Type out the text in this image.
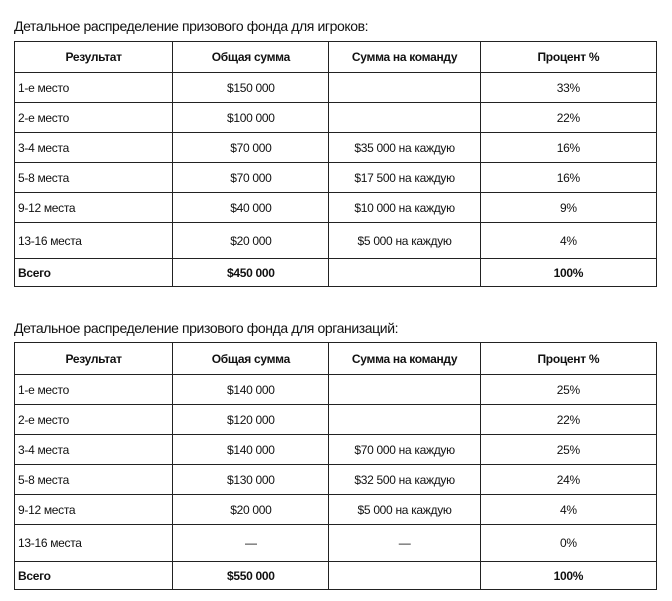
Детальное распределение призового фонда для игроков:
Результат	Общая сумма	Сумма на команду	Процент %
1-е место	$150 000		33%
2-е место	$100 000		22%
3-4 места	$70 000	$35 000 на каждую	16%
5-8 места	$70 000	$17 500 на каждую	16%
9-12 места	$40 000	$10 000 на каждую	9%
13-16 места	$20 000	$5 000 на каждую	4%
Всего	$450 000		100%
Детальное распределение призового фонда для организаций:
Результат	Общая сумма	Сумма на команду	Процент %
1-е место	$140 000		25%
2-е место	$120 000		22%
3-4 места	$140 000	$70 000 на каждую	25%
5-8 места	$130 000	$32 500 на каждую	24%
9-12 места	$20 000	$5 000 на каждую	4%
13-16 места	—	—	0%
Всего	$550 000		100%
